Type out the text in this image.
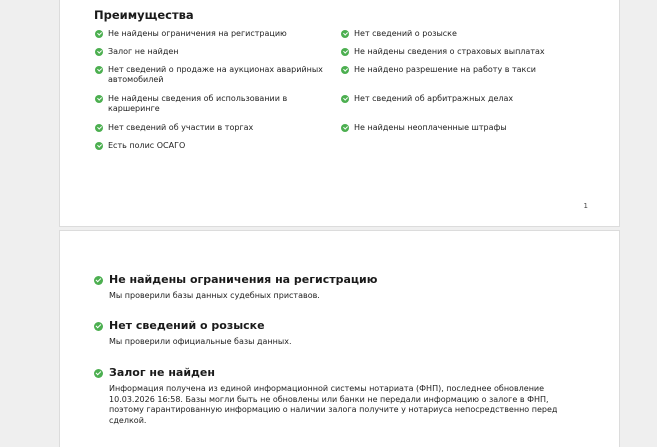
Преимущества
Не найдены ограничения на регистрацию
Залог не найден
Нет сведений о продаже на аукционах аварийных автомобилей
Не найдены сведения об использовании в каршеринге
Нет сведений об участии в торгах
Есть полис ОСАГО
Нет сведений о розыске
Не найдены сведения о страховых выплатах
Не найдено разрешение на работу в такси
Нет сведений об арбитражных делах
Не найдены неоплаченные штрафы
1
Не найдены ограничения на регистрацию
Мы проверили базы данных судебных приставов.
Нет сведений о розыске
Мы проверили официальные базы данных.
Залог не найден
Информация получена из единой информационной системы нотариата (ФНП), последнее обновление 10.03.2026 16:58. Базы могли быть не обновлены или банки не передали информацию о залоге в ФНП, поэтому гарантированную информацию о наличии залога получите у нотариуса непосредственно перед сделкой.
